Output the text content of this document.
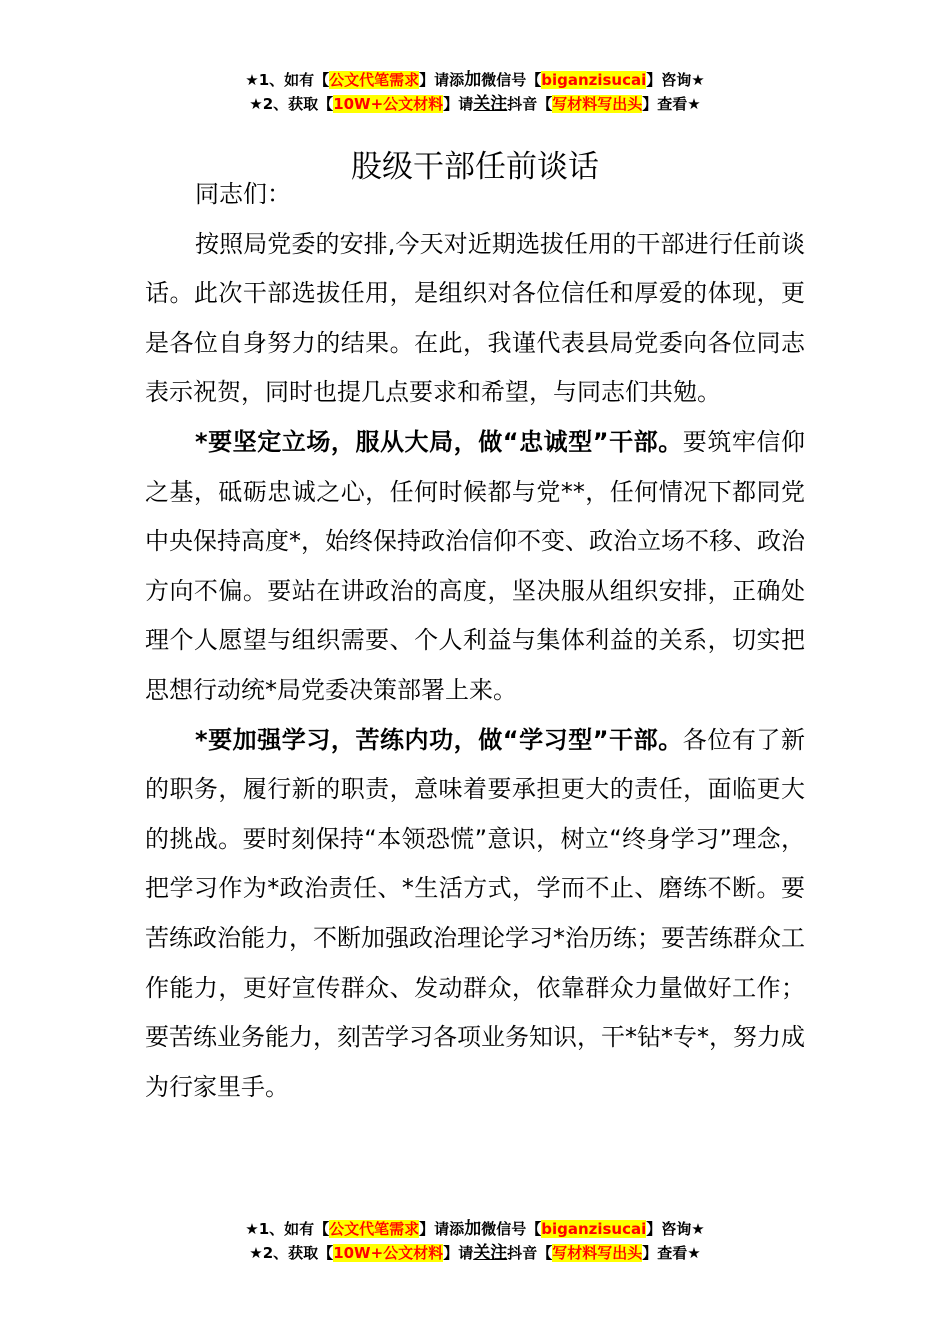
★1、如有【公文代笔需求】请添加微信号【biganzisucai】咨询★
★2、获取【10W+公文材料】请关注抖音【写材料写出头】查看★
股级干部任前谈话

同志们：

按照局党委的安排,今天对近期选拔任用的干部进行任前谈话。此次干部选拔任用，是组织对各位信任和厚爱的体现，更是各位自身努力的结果。在此，我谨代表县局党委向各位同志表示祝贺，同时也提几点要求和希望，与同志们共勉。

*要坚定立场，服从大局，做“忠诚型”干部。要筑牢信仰之基，砥砺忠诚之心，任何时候都与党**，任何情况下都同党中央保持高度*，始终保持政治信仰不变、政治立场不移、政治方向不偏。要站在讲政治的高度，坚决服从组织安排，正确处理个人愿望与组织需要、个人利益与集体利益的关系，切实把思想行动统*局党委决策部署上来。

*要加强学习，苦练内功，做“学习型”干部。各位有了新的职务，履行新的职责，意味着要承担更大的责任，面临更大的挑战。要时刻保持“本领恐慌”意识，树立“终身学习”理念，把学习作为*政治责任、*生活方式，学而不止、磨练不断。要苦练政治能力，不断加强政治理论学习*治历练；要苦练群众工作能力，更好宣传群众、发动群众，依靠群众力量做好工作；要苦练业务能力，刻苦学习各项业务知识，干*钻*专*，努力成为行家里手。

★1、如有【公文代笔需求】请添加微信号【biganzisucai】咨询★
★2、获取【10W+公文材料】请关注抖音【写材料写出头】查看★
